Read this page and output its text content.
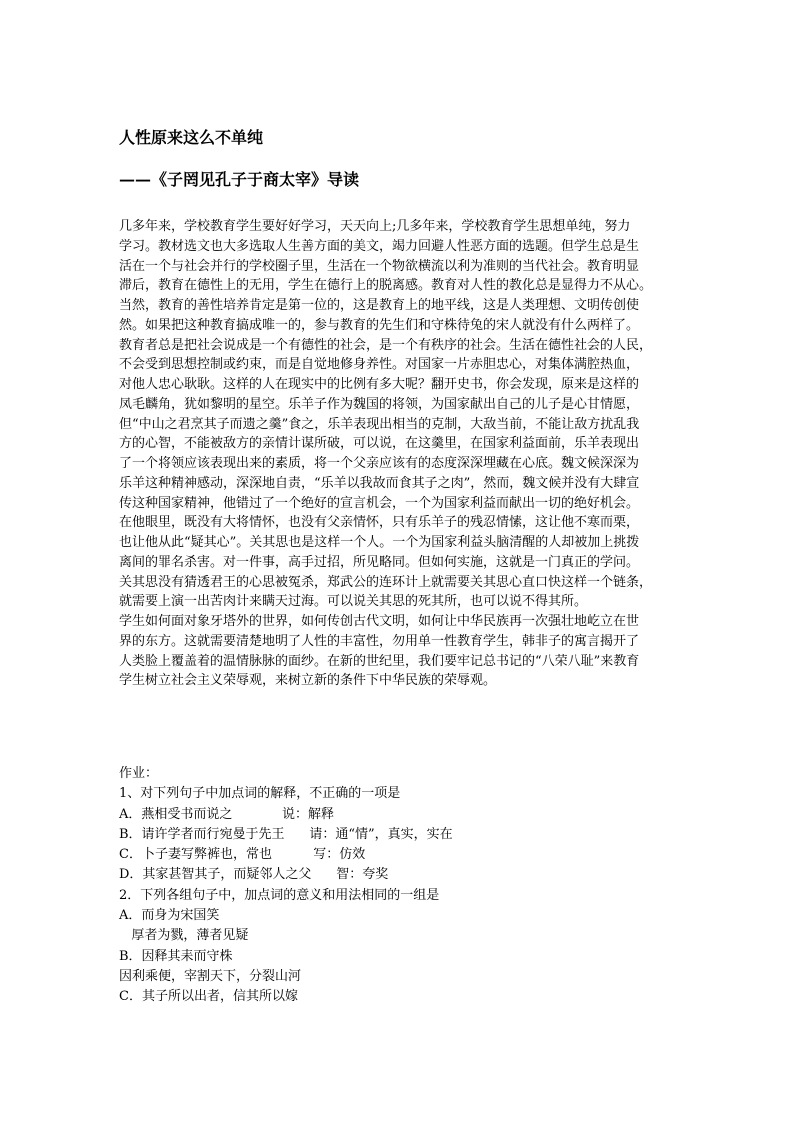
人性原来这么不单纯
——《子罔见孔子于商太宰》导读
几多年来，学校教育学生要好好学习，天天向上;几多年来，学校教育学生思想单纯，努力
学习。教材选文也大多选取人生善方面的美文，竭力回避人性恶方面的选题。但学生总是生
活在一个与社会并行的学校圈子里，生活在一个物欲横流以利为准则的当代社会。教育明显
滞后，教育在德性上的无用，学生在德行上的脱离感。教育对人性的教化总是显得力不从心。
当然，教育的善性培养肯定是第一位的，这是教育上的地平线，这是人类理想、文明传创使
然。如果把这种教育搞成唯一的，参与教育的先生们和守株待兔的宋人就没有什么两样了。
教育者总是把社会说成是一个有德性的社会，是一个有秩序的社会。生活在德性社会的人民，
不会受到思想控制或约束，而是自觉地修身养性。对国家一片赤胆忠心，对集体满腔热血，
对他人忠心耿耿。这样的人在现实中的比例有多大呢？翻开史书，你会发现，原来是这样的
凤毛麟角，犹如黎明的星空。乐羊子作为魏国的将领，为国家献出自己的儿子是心甘情愿，
但“中山之君烹其子而遗之羹”食之，乐羊表现出相当的克制，大敌当前，不能让敌方扰乱我
方的心智，不能被敌方的亲情计谋所破，可以说，在这羹里，在国家利益面前，乐羊表现出
了一个将领应该表现出来的素质，将一个父亲应该有的态度深深埋藏在心底。魏文候深深为
乐羊这种精神感动，深深地自责，“乐羊以我故而食其子之肉”，然而，魏文候并没有大肆宣
传这种国家精神，他错过了一个绝好的宣言机会，一个为国家利益而献出一切的绝好机会。
在他眼里，既没有大将情怀，也没有父亲情怀，只有乐羊子的残忍情愫，这让他不寒而栗，
也让他从此“疑其心”。关其思也是这样一个人。一个为国家利益头脑清醒的人却被加上挑拨
离间的罪名杀害。对一件事，高手过招，所见略同。但如何实施，这就是一门真正的学问。
关其思没有猜透君王的心思被冤杀，郑武公的连环计上就需要关其思心直口快这样一个链条，
就需要上演一出苦肉计来瞒天过海。可以说关其思的死其所，也可以说不得其所。
学生如何面对象牙塔外的世界，如何传创古代文明，如何让中华民族再一次强壮地屹立在世
界的东方。这就需要清楚地明了人性的丰富性，勿用单一性教育学生，韩非子的寓言揭开了
人类脸上覆盖着的温情脉脉的面纱。在新的世纪里，我们要牢记总书记的“八荣八耻”来教育
学生树立社会主义荣辱观，来树立新的条件下中华民族的荣辱观。
作业：
1、对下列句子中加点词的解释，不正确的一项是
A．燕相受书而说之            说：解释
B．请许学者而行宛曼于先王      请：通“情”，真实，实在
C．卜子妻写弊裤也，常也          写：仿效
D．其家甚智其子，而疑邻人之父      智：夸奖
2．下列各组句子中，加点词的意义和用法相同的一组是
A．而身为宋国笑
厚者为戮，薄者见疑
B．因释其耒而守株
因利乘便，宰割天下，分裂山河
C．其子所以出者，信其所以嫁
